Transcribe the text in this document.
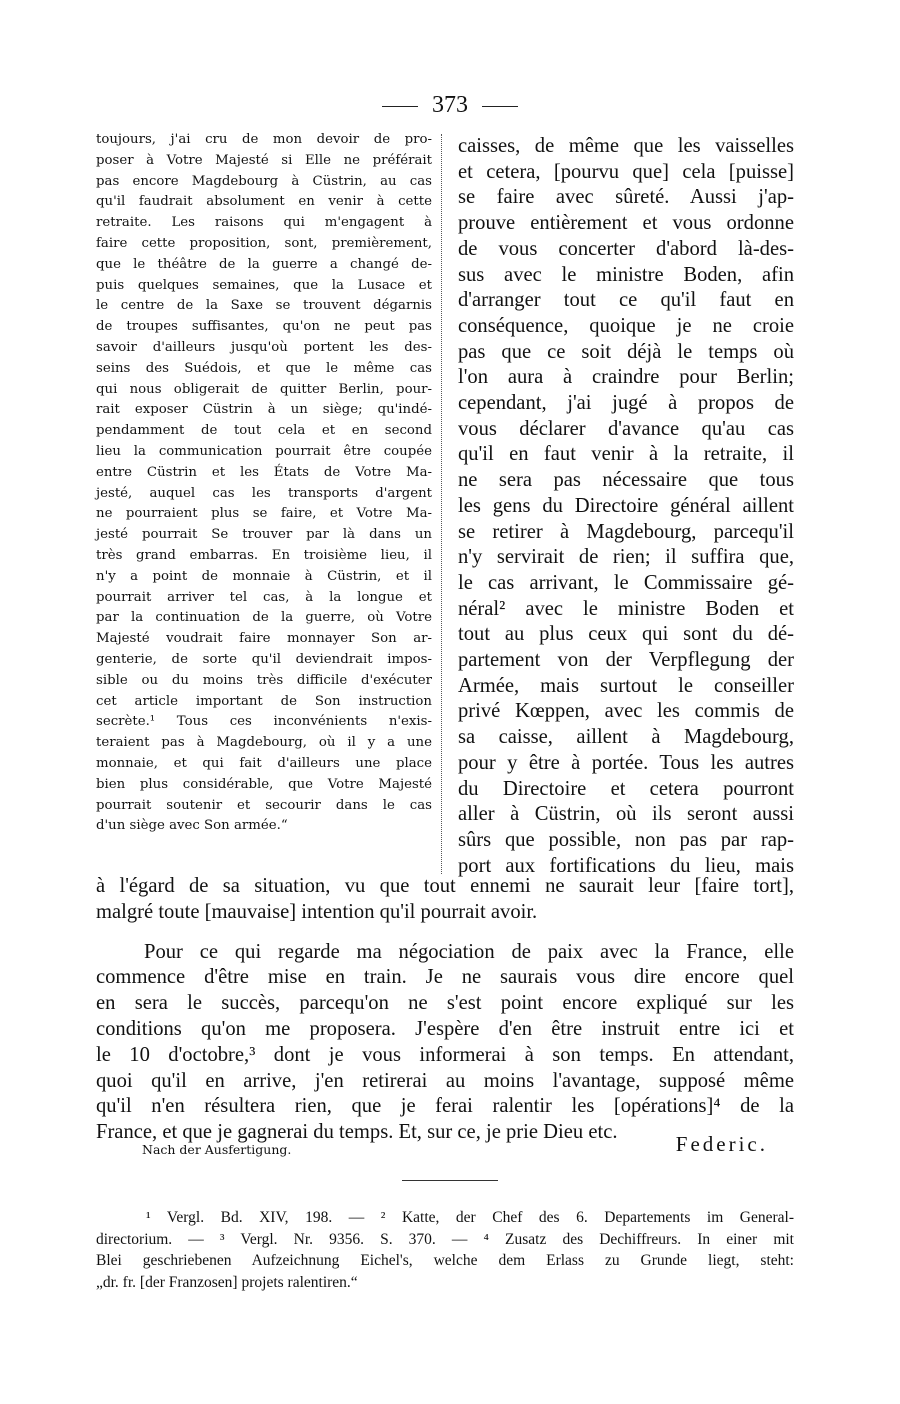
373
toujours, j'ai cru de mon devoir de pro-
poser à Votre Majesté si Elle ne préférait
pas encore Magdebourg à Cüstrin, au cas
qu'il faudrait absolument en venir à cette
retraite. Les raisons qui m'engagent à
faire cette proposition, sont, premièrement,
que le théâtre de la guerre a changé de-
puis quelques semaines, que la Lusace et
le centre de la Saxe se trouvent dégarnis
de troupes suffisantes, qu'on ne peut pas
savoir d'ailleurs jusqu'où portent les des-
seins des Suédois, et que le même cas
qui nous obligerait de quitter Berlin, pour-
rait exposer Cüstrin à un siège; qu'indé-
pendamment de tout cela et en second
lieu la communication pourrait être coupée
entre Cüstrin et les États de Votre Ma-
jesté, auquel cas les transports d'argent
ne pourraient plus se faire, et Votre Ma-
jesté pourrait Se trouver par là dans un
très grand embarras. En troisième lieu, il
n'y a point de monnaie à Cüstrin, et il
pourrait arriver tel cas, à la longue et
par la continuation de la guerre, où Votre
Majesté voudrait faire monnayer Son ar-
genterie, de sorte qu'il deviendrait impos-
sible ou du moins très difficile d'exécuter
cet article important de Son instruction
secrète.¹ Tous ces inconvénients n'exis-
teraient pas à Magdebourg, où il y a une
monnaie, et qui fait d'ailleurs une place
bien plus considérable, que Votre Majesté
pourrait soutenir et secourir dans le cas
d'un siège avec Son armée.“
caisses, de même que les vaisselles
et cetera, [pourvu que] cela [puisse]
se faire avec sûreté. Aussi j'ap-
prouve entièrement et vous ordonne
de vous concerter d'abord là-des-
sus avec le ministre Boden, afin
d'arranger tout ce qu'il faut en
conséquence, quoique je ne croie
pas que ce soit déjà le temps où
l'on aura à craindre pour Berlin;
cependant, j'ai jugé à propos de
vous déclarer d'avance qu'au cas
qu'il en faut venir à la retraite, il
ne sera pas nécessaire que tous
les gens du Directoire général aillent
se retirer à Magdebourg, parcequ'il
n'y servirait de rien; il suffira que,
le cas arrivant, le Commissaire gé-
néral² avec le ministre Boden et
tout au plus ceux qui sont du dé-
partement von der Verpflegung der
Armée, mais surtout le conseiller
privé Kœppen, avec les commis de
sa caisse, aillent à Magdebourg,
pour y être à portée. Tous les autres
du Directoire et cetera pourront
aller à Cüstrin, où ils seront aussi
sûrs que possible, non pas par rap-
port aux fortifications du lieu, mais
à l'égard de sa situation, vu que tout ennemi ne saurait leur [faire tort],
malgré toute [mauvaise] intention qu'il pourrait avoir.
Pour ce qui regarde ma négociation de paix avec la France, elle
commence d'être mise en train. Je ne saurais vous dire encore quel
en sera le succès, parcequ'on ne s'est point encore expliqué sur les
conditions qu'on me proposera. J'espère d'en être instruit entre ici et
le 10 d'octobre,³ dont je vous informerai à son temps. En attendant,
quoi qu'il en arrive, j'en retirerai au moins l'avantage, supposé même
qu'il n'en résultera rien, que je ferai ralentir les [opérations]⁴ de la
France, et que je gagnerai du temps. Et, sur ce, je prie Dieu etc.
Nach der Ausfertigung.	Federic.
¹ Vergl. Bd. XIV, 198. — ² Katte, der Chef des 6. Departements im General-
directorium. — ³ Vergl. Nr. 9356. S. 370. — ⁴ Zusatz des Dechiffreurs. In einer mit
Blei geschriebenen Aufzeichnung Eichel's, welche dem Erlass zu Grunde liegt, steht:
„dr. fr. [der Franzosen] projets ralentiren.“
